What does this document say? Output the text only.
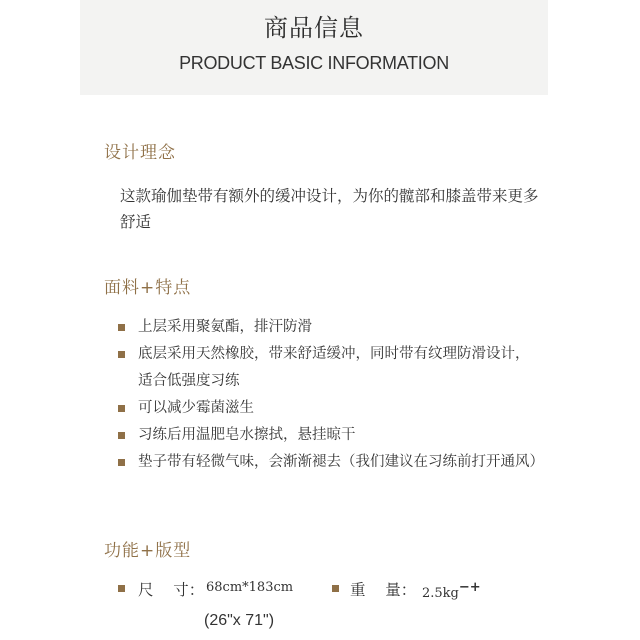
商品信息
PRODUCT BASIC INFORMATION
设计理念
这款瑜伽垫带有额外的缓冲设计，为你的髋部和膝盖带来更多舒适
面料+特点
上层采用聚氨酯，排汗防滑
底层采用天然橡胶，带来舒适缓冲，同时带有纹理防滑设计，适合低强度习练
可以减少霉菌滋生
习练后用温肥皂水擦拭，悬挂晾干
垫子带有轻微气味，会渐渐褪去（我们建议在习练前打开通风）
功能+版型
尺    寸： 68cm*183cm	重    量： 2.5kg−+
(26"x 71")
